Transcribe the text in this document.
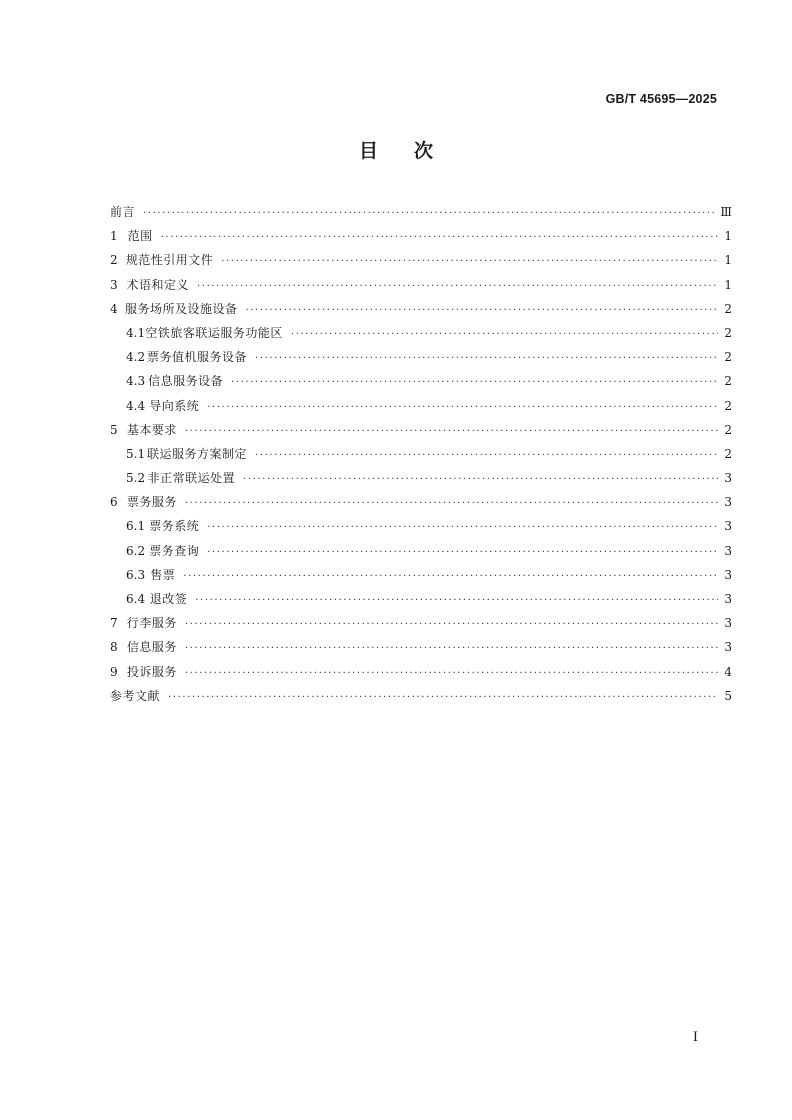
GB/T 45695—2025
目次
前言 ·····	Ⅲ
1 范围 ·····	1
2 规范性引用文件 ·····	1
3 术语和定义 ·····	1
4 服务场所及设施设备 ·····	2
4.1 空铁旅客联运服务功能区 ·····	2
4.2 票务值机服务设备 ·····	2
4.3 信息服务设备 ·····	2
4.4 导向系统 ·····	2
5 基本要求 ·····	2
5.1 联运服务方案制定 ·····	2
5.2 非正常联运处置 ·····	3
6 票务服务 ·····	3
6.1 票务系统 ·····	3
6.2 票务查询 ·····	3
6.3 售票 ·····	3
6.4 退改签 ·····	3
7 行李服务 ·····	3
8 信息服务 ·····	3
9 投诉服务 ·····	4
参考文献 ·····	5
I
